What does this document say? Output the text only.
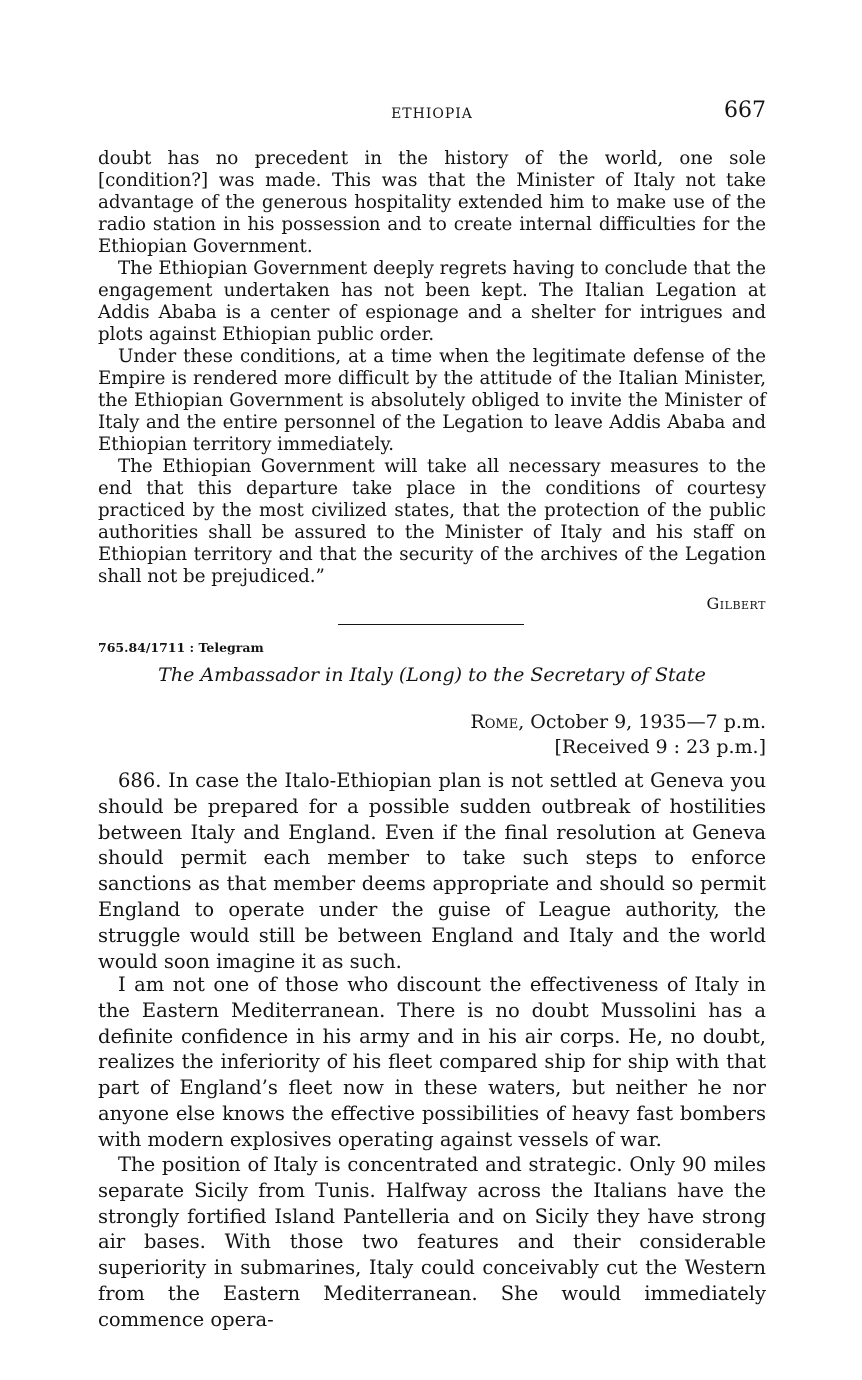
ETHIOPIA	667

doubt has no precedent in the history of the world, one sole [condition?] was made. This was that the Minister of Italy not take advantage of the generous hospitality extended him to make use of the radio station in his possession and to create internal difficulties for the Ethiopian Government.

The Ethiopian Government deeply regrets having to conclude that the engagement undertaken has not been kept. The Italian Legation at Addis Ababa is a center of espionage and a shelter for intrigues and plots against Ethiopian public order.

Under these conditions, at a time when the legitimate defense of the Empire is rendered more difficult by the attitude of the Italian Minister, the Ethiopian Government is absolutely obliged to invite the Minister of Italy and the entire personnel of the Legation to leave Addis Ababa and Ethiopian territory immediately.

The Ethiopian Government will take all necessary measures to the end that this departure take place in the conditions of courtesy practiced by the most civilized states, that the protection of the public authorities shall be assured to the Minister of Italy and his staff on Ethiopian territory and that the security of the archives of the Legation shall not be prejudiced.”

Gilbert
765.84/1711 : Telegram
The Ambassador in Italy (Long) to the Secretary of State
Rome, October 9, 1935—7 p.m.
[Received 9 : 23 p.m.]

686. In case the Italo-Ethiopian plan is not settled at Geneva you should be prepared for a possible sudden outbreak of hostilities between Italy and England. Even if the final resolution at Geneva should permit each member to take such steps to enforce sanctions as that member deems appropriate and should so permit England to operate under the guise of League authority, the struggle would still be between England and Italy and the world would soon imagine it as such.

I am not one of those who discount the effectiveness of Italy in the Eastern Mediterranean. There is no doubt Mussolini has a definite confidence in his army and in his air corps. He, no doubt, realizes the inferiority of his fleet compared ship for ship with that part of England’s fleet now in these waters, but neither he nor anyone else knows the effective possibilities of heavy fast bombers with modern explosives operating against vessels of war.

The position of Italy is concentrated and strategic. Only 90 miles separate Sicily from Tunis. Halfway across the Italians have the strongly fortified Island Pantelleria and on Sicily they have strong air bases. With those two features and their considerable superiority in submarines, Italy could conceivably cut the Western from the Eastern Mediterranean. She would immediately commence opera-
